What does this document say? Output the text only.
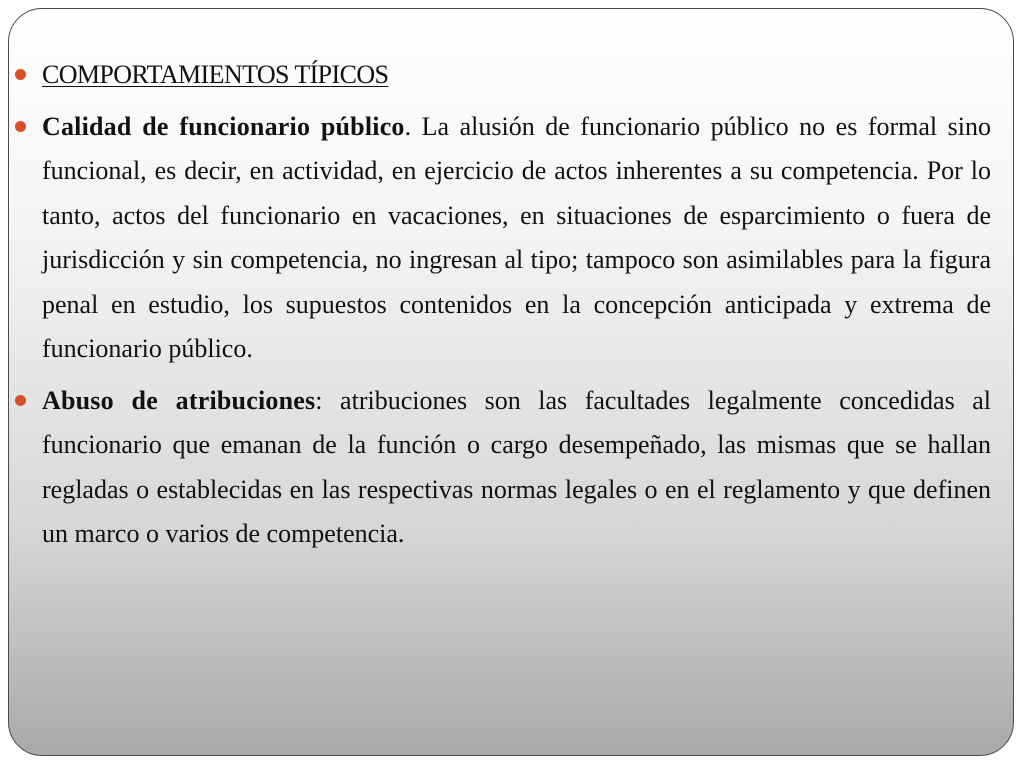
COMPORTAMIENTOS TÍPICOS
Calidad de funcionario público. La alusión de funcionario público no es formal sino funcional, es decir, en actividad, en ejercicio de actos inherentes a su competencia. Por lo tanto, actos del funcionario en vacaciones, en situaciones de esparcimiento o fuera de jurisdicción y sin competencia, no ingresan al tipo; tampoco son asimilables para la figura penal en estudio, los supuestos contenidos en la concepción anticipada y extrema de funcionario público.
Abuso de atribuciones: atribuciones son las facultades legalmente concedidas al funcionario que emanan de la función o cargo desempeñado, las mismas que se hallan regladas o establecidas en las respectivas normas legales o en el reglamento y que definen un marco o varios de competencia.
